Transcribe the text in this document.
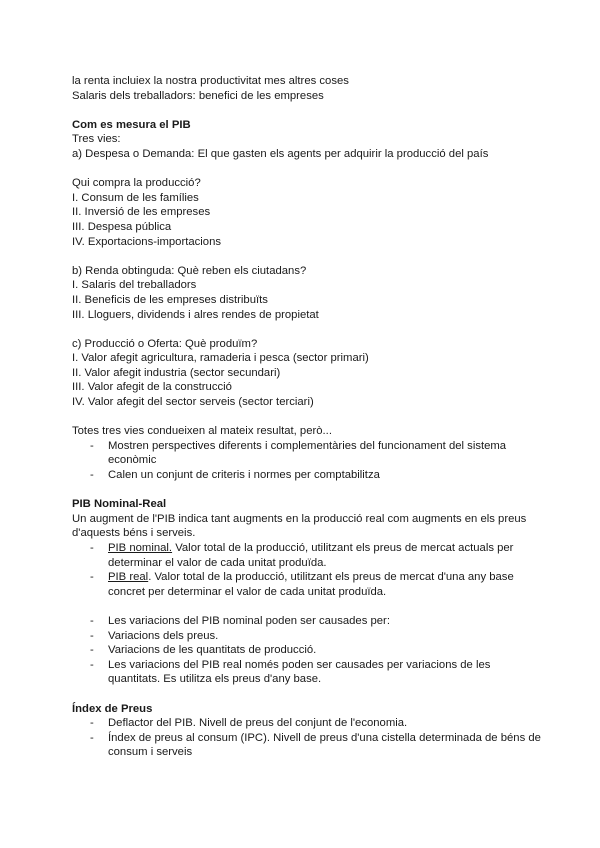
la renta incluiex la nostra productivitat mes altres coses
Salaris dels treballadors: benefici de les empreses
Com es mesura el PIB
Tres vies:
a) Despesa o Demanda: El que gasten els agents per adquirir la producció del país
Qui compra la producció?
I. Consum de les famílies
II. Inversió de les empreses
III. Despesa pública
IV. Exportacions-importacions
b) Renda obtinguda: Què reben els ciutadans?
I. Salaris del treballadors
II. Beneficis de les empreses distribuïts
III. Lloguers, dividends i alres rendes de propietat
c) Producció o Oferta: Què produïm?
I. Valor afegit agricultura, ramaderia i pesca (sector primari)
II. Valor afegit industria (sector secundari)
III. Valor afegit de la construcció
IV. Valor afegit del sector serveis (sector terciari)
Totes tres vies condueixen al mateix resultat, però...
- Mostren perspectives diferents i complementàries del funcionament del sistema econòmic
- Calen un conjunt de criteris i normes per comptabilitza
PIB Nominal-Real
Un augment de l'PIB indica tant augments en la producció real com augments en els preus d'aquests béns i serveis.
- PIB nominal. Valor total de la producció, utilitzant els preus de mercat actuals per determinar el valor de cada unitat produïda.
- PIB real. Valor total de la producció, utilitzant els preus de mercat d'una any base concret per determinar el valor de cada unitat produïda.
- Les variacions del PIB nominal poden ser causades per:
- Variacions dels preus.
- Variacions de les quantitats de producció.
- Les variacions del PIB real només poden ser causades per variacions de les quantitats. Es utilitza els preus d'any base.
Índex de Preus
- Deflactor del PIB. Nivell de preus del conjunt de l'economia.
- Índex de preus al consum (IPC). Nivell de preus d'una cistella determinada de béns de consum i serveis
